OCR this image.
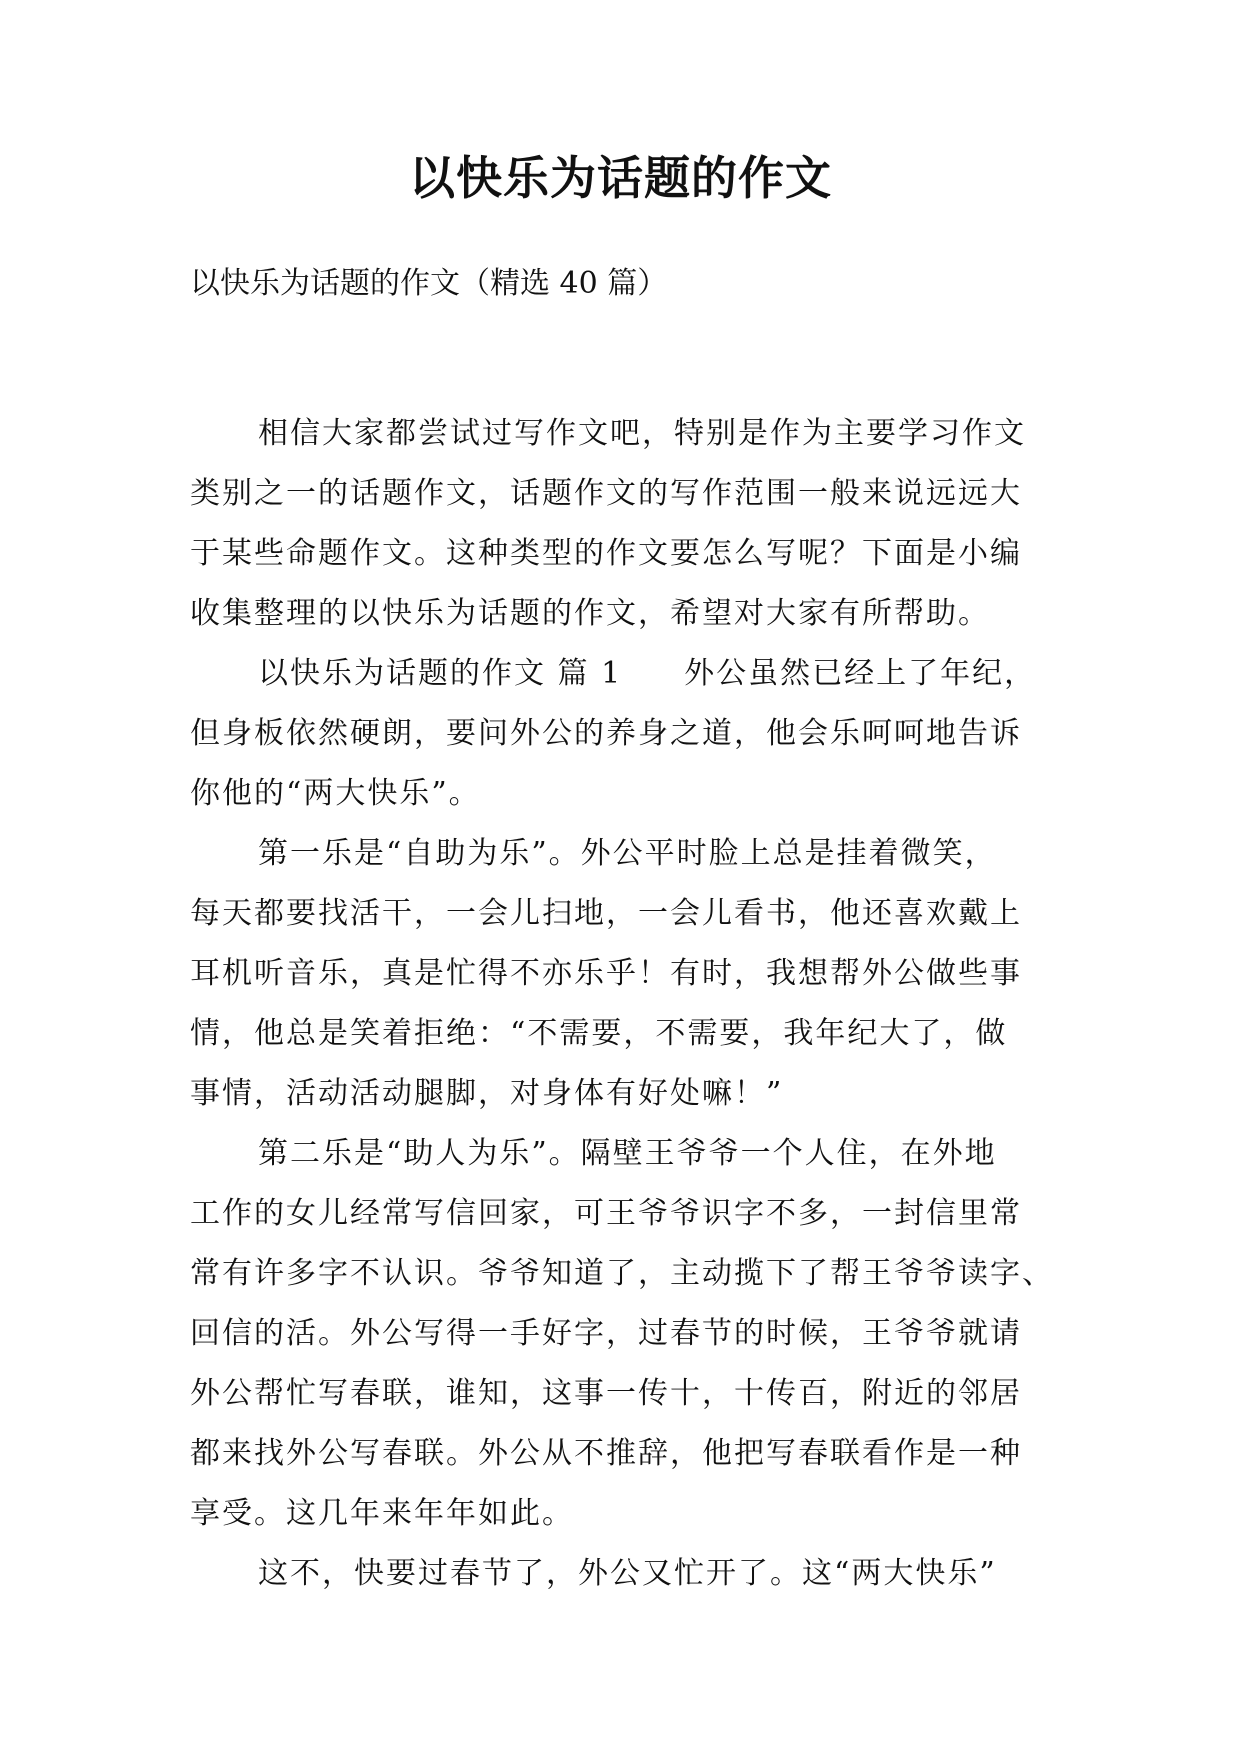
以快乐为话题的作文
以快乐为话题的作文（精选 40 篇）
相信大家都尝试过写作文吧，特别是作为主要学习作文
类别之一的话题作文，话题作文的写作范围一般来说远远大
于某些命题作文。这种类型的作文要怎么写呢？下面是小编
收集整理的以快乐为话题的作文，希望对大家有所帮助。
以快乐为话题的作文 篇 1 外公虽然已经上了年纪，
但身板依然硬朗，要问外公的养身之道，他会乐呵呵地告诉
你他的“两大快乐”。
第一乐是“自助为乐”。外公平时脸上总是挂着微笑，
每天都要找活干，一会儿扫地，一会儿看书，他还喜欢戴上
耳机听音乐，真是忙得不亦乐乎！有时，我想帮外公做些事
情，他总是笑着拒绝：“不需要，不需要，我年纪大了，做
事情，活动活动腿脚，对身体有好处嘛！”
第二乐是“助人为乐”。隔壁王爷爷一个人住，在外地
工作的女儿经常写信回家，可王爷爷识字不多，一封信里常
常有许多字不认识。爷爷知道了，主动揽下了帮王爷爷读字、
回信的活。外公写得一手好字，过春节的时候，王爷爷就请
外公帮忙写春联，谁知，这事一传十，十传百，附近的邻居
都来找外公写春联。外公从不推辞，他把写春联看作是一种
享受。这几年来年年如此。
这不，快要过春节了，外公又忙开了。这“两大快乐”
